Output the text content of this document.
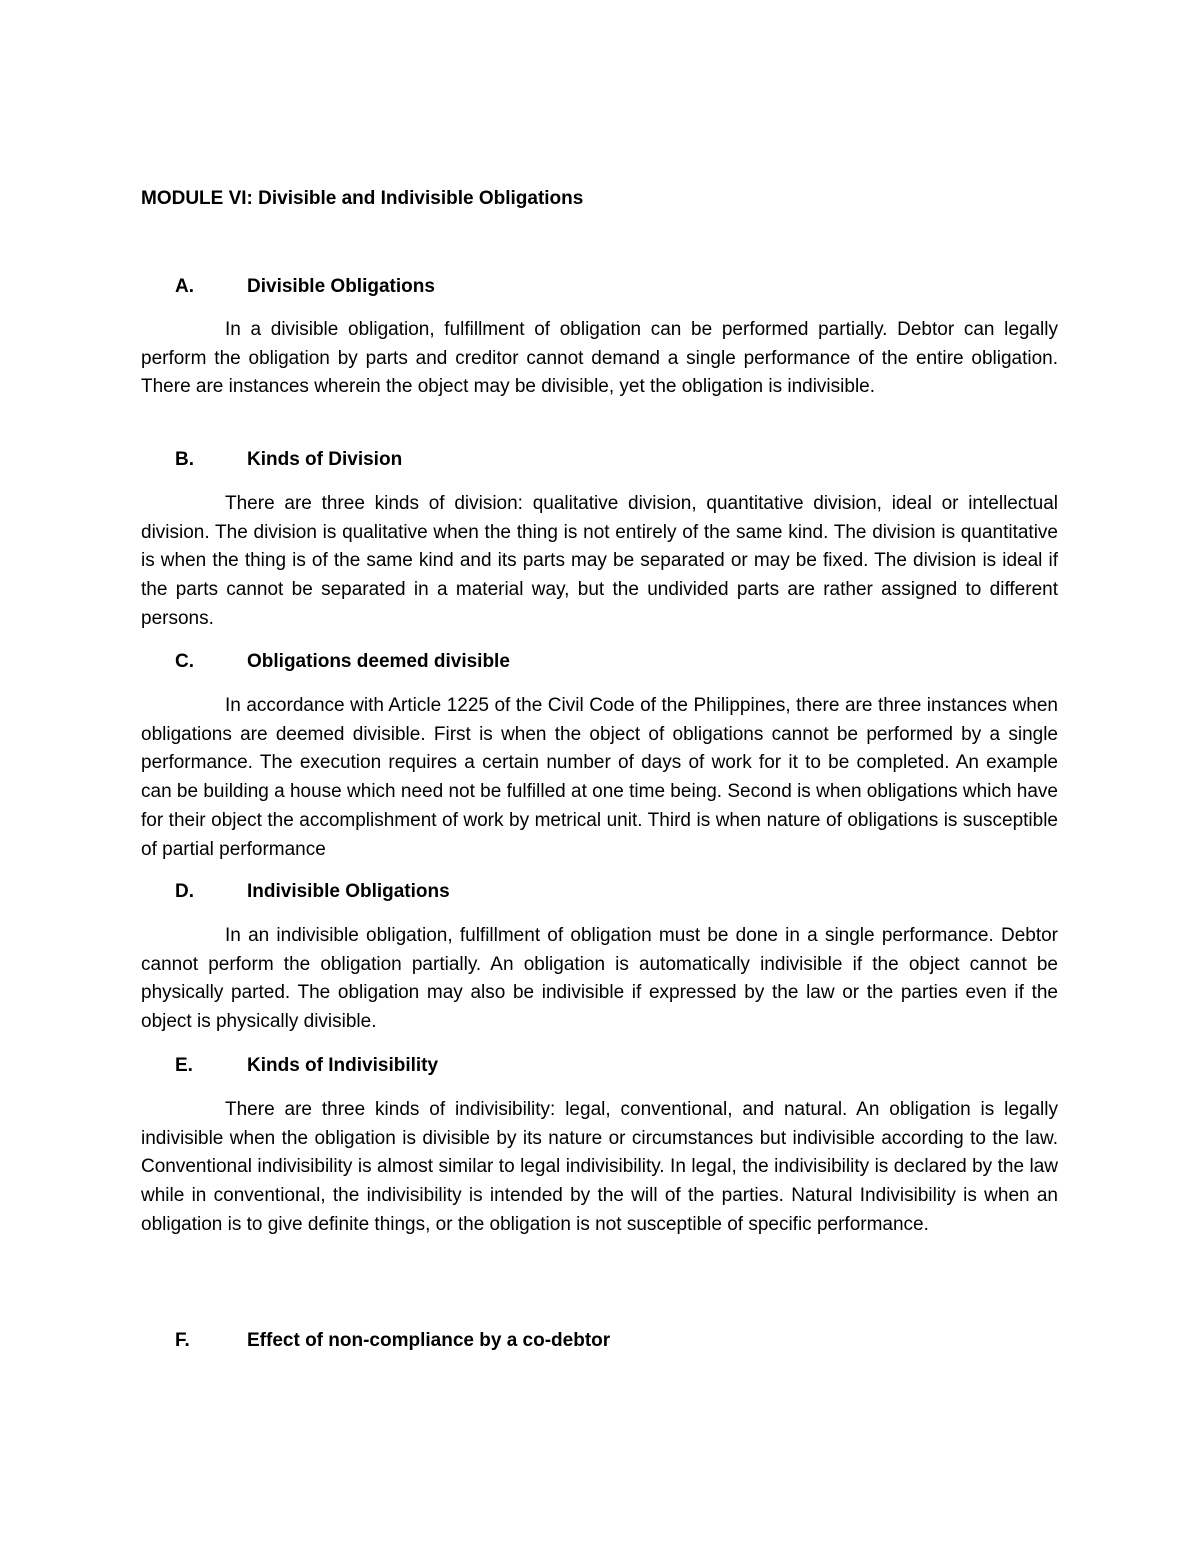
MODULE VI: Divisible and Indivisible Obligations
A.	Divisible Obligations

In a divisible obligation, fulfillment of obligation can be performed partially. Debtor can legally perform the obligation by parts and creditor cannot demand a single performance of the entire obligation. There are instances wherein the object may be divisible, yet the obligation is indivisible.

B.	Kinds of Division

There are three kinds of division: qualitative division, quantitative division, ideal or intellectual division. The division is qualitative when the thing is not entirely of the same kind. The division is quantitative is when the thing is of the same kind and its parts may be separated or may be fixed. The division is ideal if the parts cannot be separated in a material way, but the undivided parts are rather assigned to different persons.

C.	Obligations deemed divisible

In accordance with Article 1225 of the Civil Code of the Philippines, there are three instances when obligations are deemed divisible. First is when the object of obligations cannot be performed by a single performance. The execution requires a certain number of days of work for it to be completed. An example can be building a house which need not be fulfilled at one time being. Second is when obligations which have for their object the accomplishment of work by metrical unit. Third is when nature of obligations is susceptible of partial performance

D.	Indivisible Obligations

In an indivisible obligation, fulfillment of obligation must be done in a single performance. Debtor cannot perform the obligation partially. An obligation is automatically indivisible if the object cannot be physically parted. The obligation may also be indivisible if expressed by the law or the parties even if the object is physically divisible.

E.	Kinds of Indivisibility

There are three kinds of indivisibility: legal, conventional, and natural. An obligation is legally indivisible when the obligation is divisible by its nature or circumstances but indivisible according to the law. Conventional indivisibility is almost similar to legal indivisibility. In legal, the indivisibility is declared by the law while in conventional, the indivisibility is intended by the will of the parties. Natural Indivisibility is when an obligation is to give definite things, or the obligation is not susceptible of specific performance.

F.	Effect of non-compliance by a co-debtor
